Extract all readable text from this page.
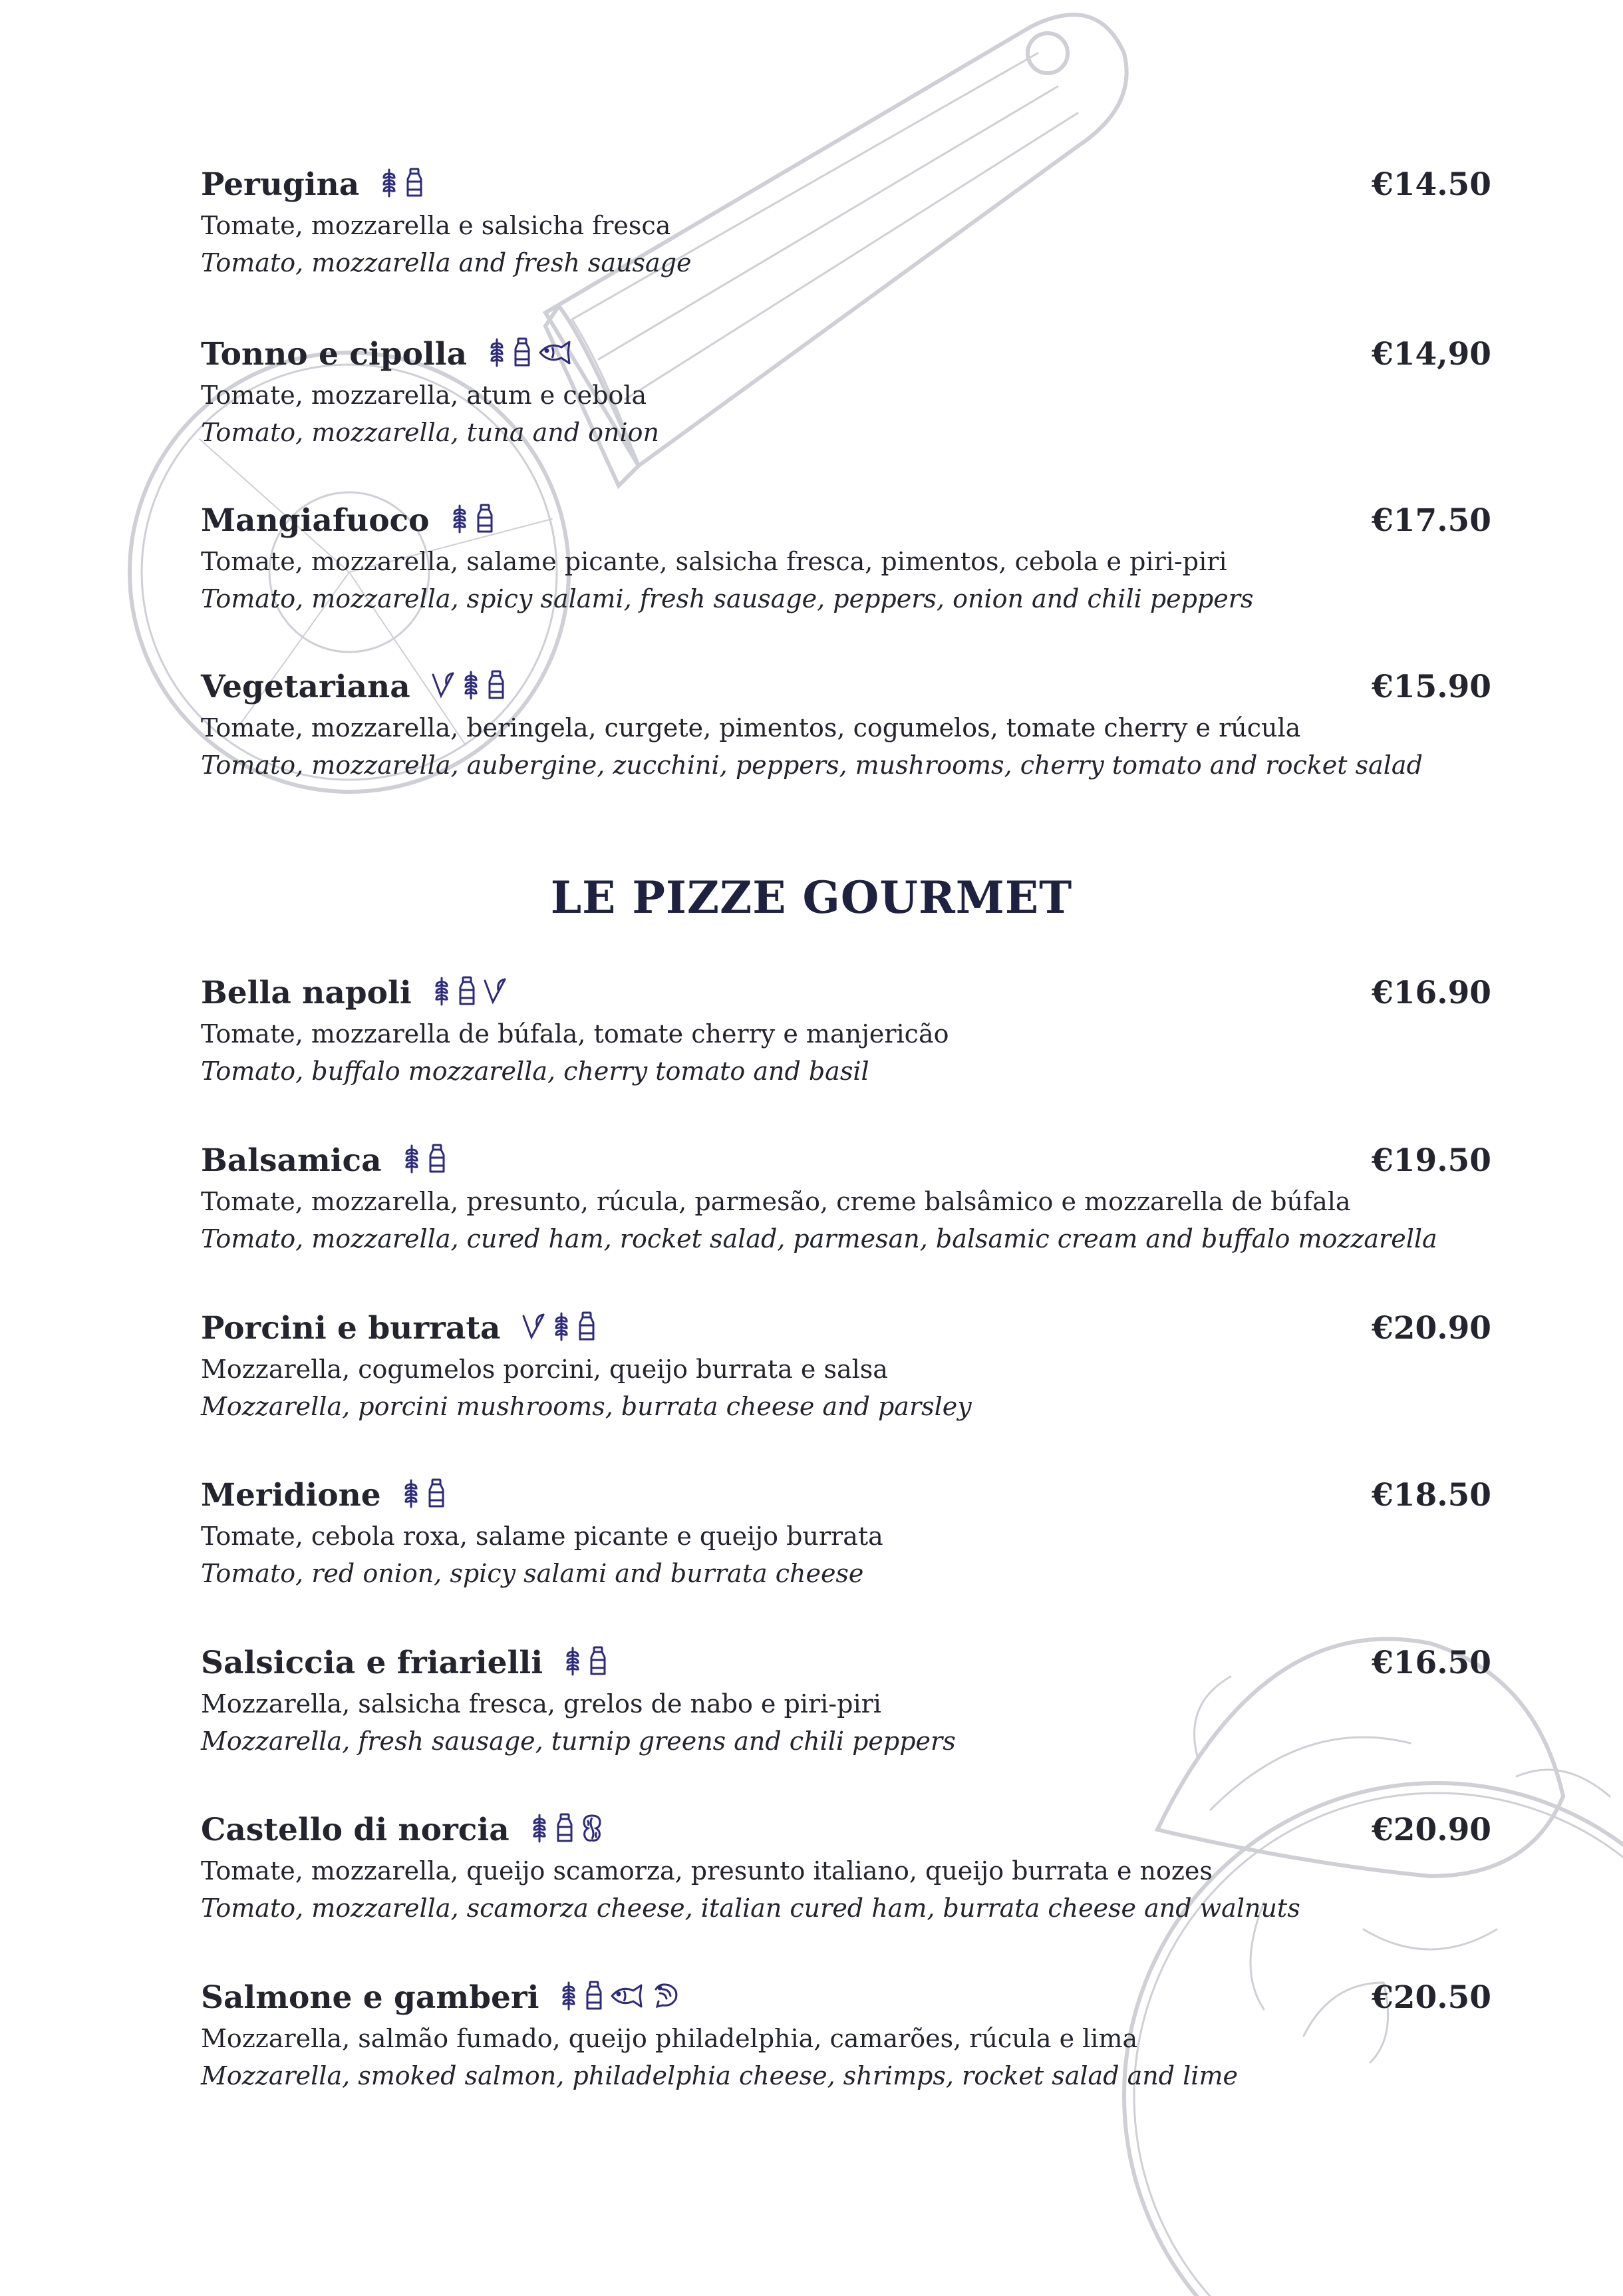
Perugina	€14.50
Tomate, mozzarella e salsicha fresca
Tomato, mozzarella and fresh sausage
Tonno e cipolla	€14,90
Tomate, mozzarella, atum e cebola
Tomato, mozzarella, tuna and onion
Mangiafuoco	€17.50
Tomate, mozzarella, salame picante, salsicha fresca, pimentos, cebola e piri-piri
Tomato, mozzarella, spicy salami, fresh sausage, peppers, onion and chili peppers
Vegetariana	€15.90
Tomate, mozzarella, beringela, curgete, pimentos, cogumelos, tomate cherry e rúcula
Tomato, mozzarella, aubergine, zucchini, peppers, mushrooms, cherry tomato and rocket salad
Bella napoli	€16.90
Tomate, mozzarella de búfala, tomate cherry e manjericão
Tomato, buffalo mozzarella, cherry tomato and basil
Balsamica	€19.50
Tomate, mozzarella, presunto, rúcula, parmesão, creme balsâmico e mozzarella de búfala
Tomato, mozzarella, cured ham, rocket salad, parmesan, balsamic cream and buffalo mozzarella
Porcini e burrata	€20.90
Mozzarella, cogumelos porcini, queijo burrata e salsa
Mozzarella, porcini mushrooms, burrata cheese and parsley
Meridione	€18.50
Tomate, cebola roxa, salame picante e queijo burrata
Tomato, red onion, spicy salami and burrata cheese
Salsiccia e friarielli	€16.50
Mozzarella, salsicha fresca, grelos de nabo e piri-piri
Mozzarella, fresh sausage, turnip greens and chili peppers
Castello di norcia	€20.90
Tomate, mozzarella, queijo scamorza, presunto italiano, queijo burrata e nozes
Tomato, mozzarella, scamorza cheese, italian cured ham, burrata cheese and walnuts
Salmone e gamberi	€20.50
Mozzarella, salmão fumado, queijo philadelphia, camarões, rúcula e lima
Mozzarella, smoked salmon, philadelphia cheese, shrimps, rocket salad and lime
LE PIZZE GOURMET
